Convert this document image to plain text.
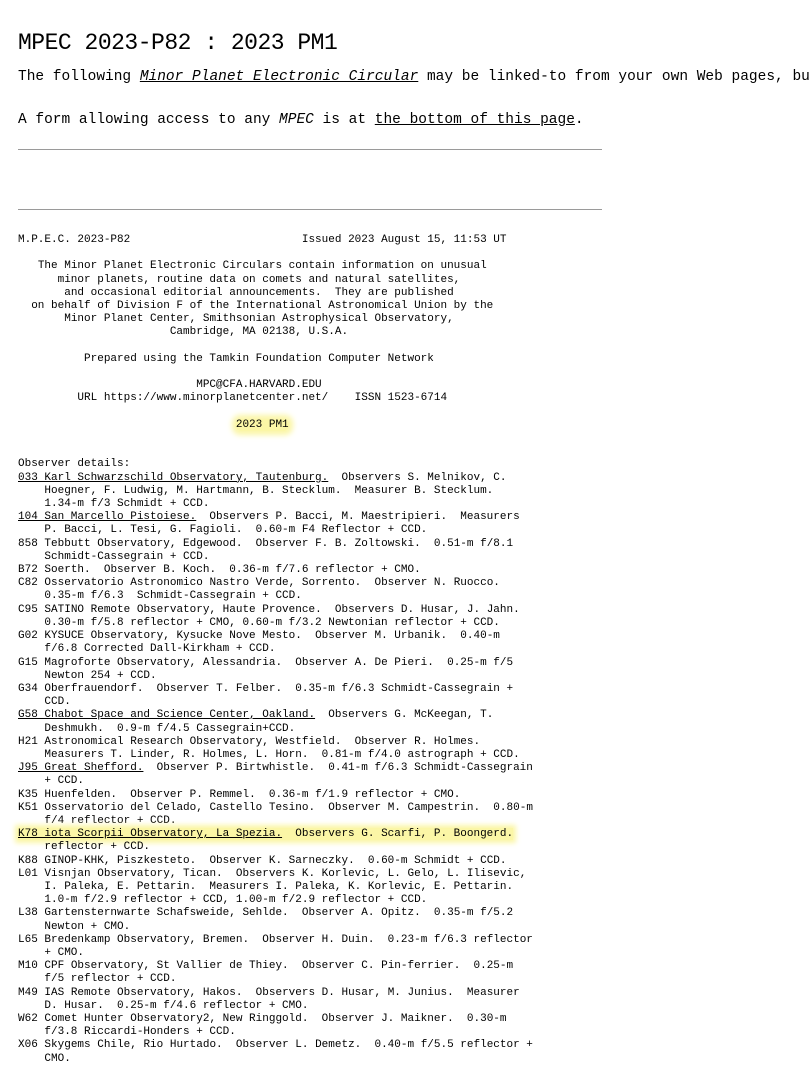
MPEC 2023-P82 : 2023 PM1
The following Minor Planet Electronic Circular may be linked-to from your own Web pages, bu
A form allowing access to any MPEC is at the bottom of this page.
M.P.E.C. 2023-P82	Issued 2023 August 15, 11:53 UT

The Minor Planet Electronic Circulars contain information on unusual
minor planets, routine data on comets and natural satellites,
and occasional editorial announcements.  They are published
on behalf of Division F of the International Astronomical Union by the
Minor Planet Center, Smithsonian Astrophysical Observatory,
Cambridge, MA 02138, U.S.A.

Prepared using the Tamkin Foundation Computer Network

MPC@CFA.HARVARD.EDU
URL https://www.minorplanetcenter.net/    ISSN 1523-6714

2023 PM1

Observer details:
033 Karl Schwarzschild Observatory, Tautenburg.  Observers S. Melnikov, C.
Hoegner, F. Ludwig, M. Hartmann, B. Stecklum.  Measurer B. Stecklum.
1.34-m f/3 Schmidt + CCD.
104 San Marcello Pistoiese.  Observers P. Bacci, M. Maestripieri.  Measurers
P. Bacci, L. Tesi, G. Fagioli.  0.60-m F4 Reflector + CCD.
858 Tebbutt Observatory, Edgewood.  Observer F. B. Zoltowski.  0.51-m f/8.1
Schmidt-Cassegrain + CCD.
B72 Soerth.  Observer B. Koch.  0.36-m f/7.6 reflector + CMO.
C82 Osservatorio Astronomico Nastro Verde, Sorrento.  Observer N. Ruocco.
0.35-m f/6.3  Schmidt-Cassegrain + CCD.
C95 SATINO Remote Observatory, Haute Provence.  Observers D. Husar, J. Jahn.
0.30-m f/5.8 reflector + CMO, 0.60-m f/3.2 Newtonian reflector + CCD.
G02 KYSUCE Observatory, Kysucke Nove Mesto.  Observer M. Urbanik.  0.40-m
f/6.8 Corrected Dall-Kirkham + CCD.
G15 Magroforte Observatory, Alessandria.  Observer A. De Pieri.  0.25-m f/5
Newton 254 + CCD.
G34 Oberfrauendorf.  Observer T. Felber.  0.35-m f/6.3 Schmidt-Cassegrain +
CCD.
G58 Chabot Space and Science Center, Oakland.  Observers G. McKeegan, T.
Deshmukh.  0.9-m f/4.5 Cassegrain+CCD.
H21 Astronomical Research Observatory, Westfield.  Observer R. Holmes.
Measurers T. Linder, R. Holmes, L. Horn.  0.81-m f/4.0 astrograph + CCD.
J95 Great Shefford.  Observer P. Birtwhistle.  0.41-m f/6.3 Schmidt-Cassegrain
+ CCD.
K35 Huenfelden.  Observer P. Remmel.  0.36-m f/1.9 reflector + CMO.
K51 Osservatorio del Celado, Castello Tesino.  Observer M. Campestrin.  0.80-m
f/4 reflector + CCD.
K78 iota Scorpii Observatory, La Spezia.  Observers G. Scarfi, P. Boongerd.
reflector + CCD.
K88 GINOP-KHK, Piszkesteto.  Observer K. Sarneczky.  0.60-m Schmidt + CCD.
L01 Visnjan Observatory, Tican.  Observers K. Korlevic, L. Gelo, L. Ilisevic,
I. Paleka, E. Pettarin.  Measurers I. Paleka, K. Korlevic, E. Pettarin.
1.0-m f/2.9 reflector + CCD, 1.00-m f/2.9 reflector + CCD.
L38 Gartensternwarte Schafsweide, Sehlde.  Observer A. Opitz.  0.35-m f/5.2
Newton + CMO.
L65 Bredenkamp Observatory, Bremen.  Observer H. Duin.  0.23-m f/6.3 reflector
+ CMO.
M10 CPF Observatory, St Vallier de Thiey.  Observer C. Pin-ferrier.  0.25-m
f/5 reflector + CCD.
M49 IAS Remote Observatory, Hakos.  Observers D. Husar, M. Junius.  Measurer
D. Husar.  0.25-m f/4.6 reflector + CMO.
W62 Comet Hunter Observatory2, New Ringgold.  Observer J. Maikner.  0.30-m
f/3.8 Riccardi-Honders + CCD.
X06 Skygems Chile, Rio Hurtado.  Observer L. Demetz.  0.40-m f/5.5 reflector +
CMO.
